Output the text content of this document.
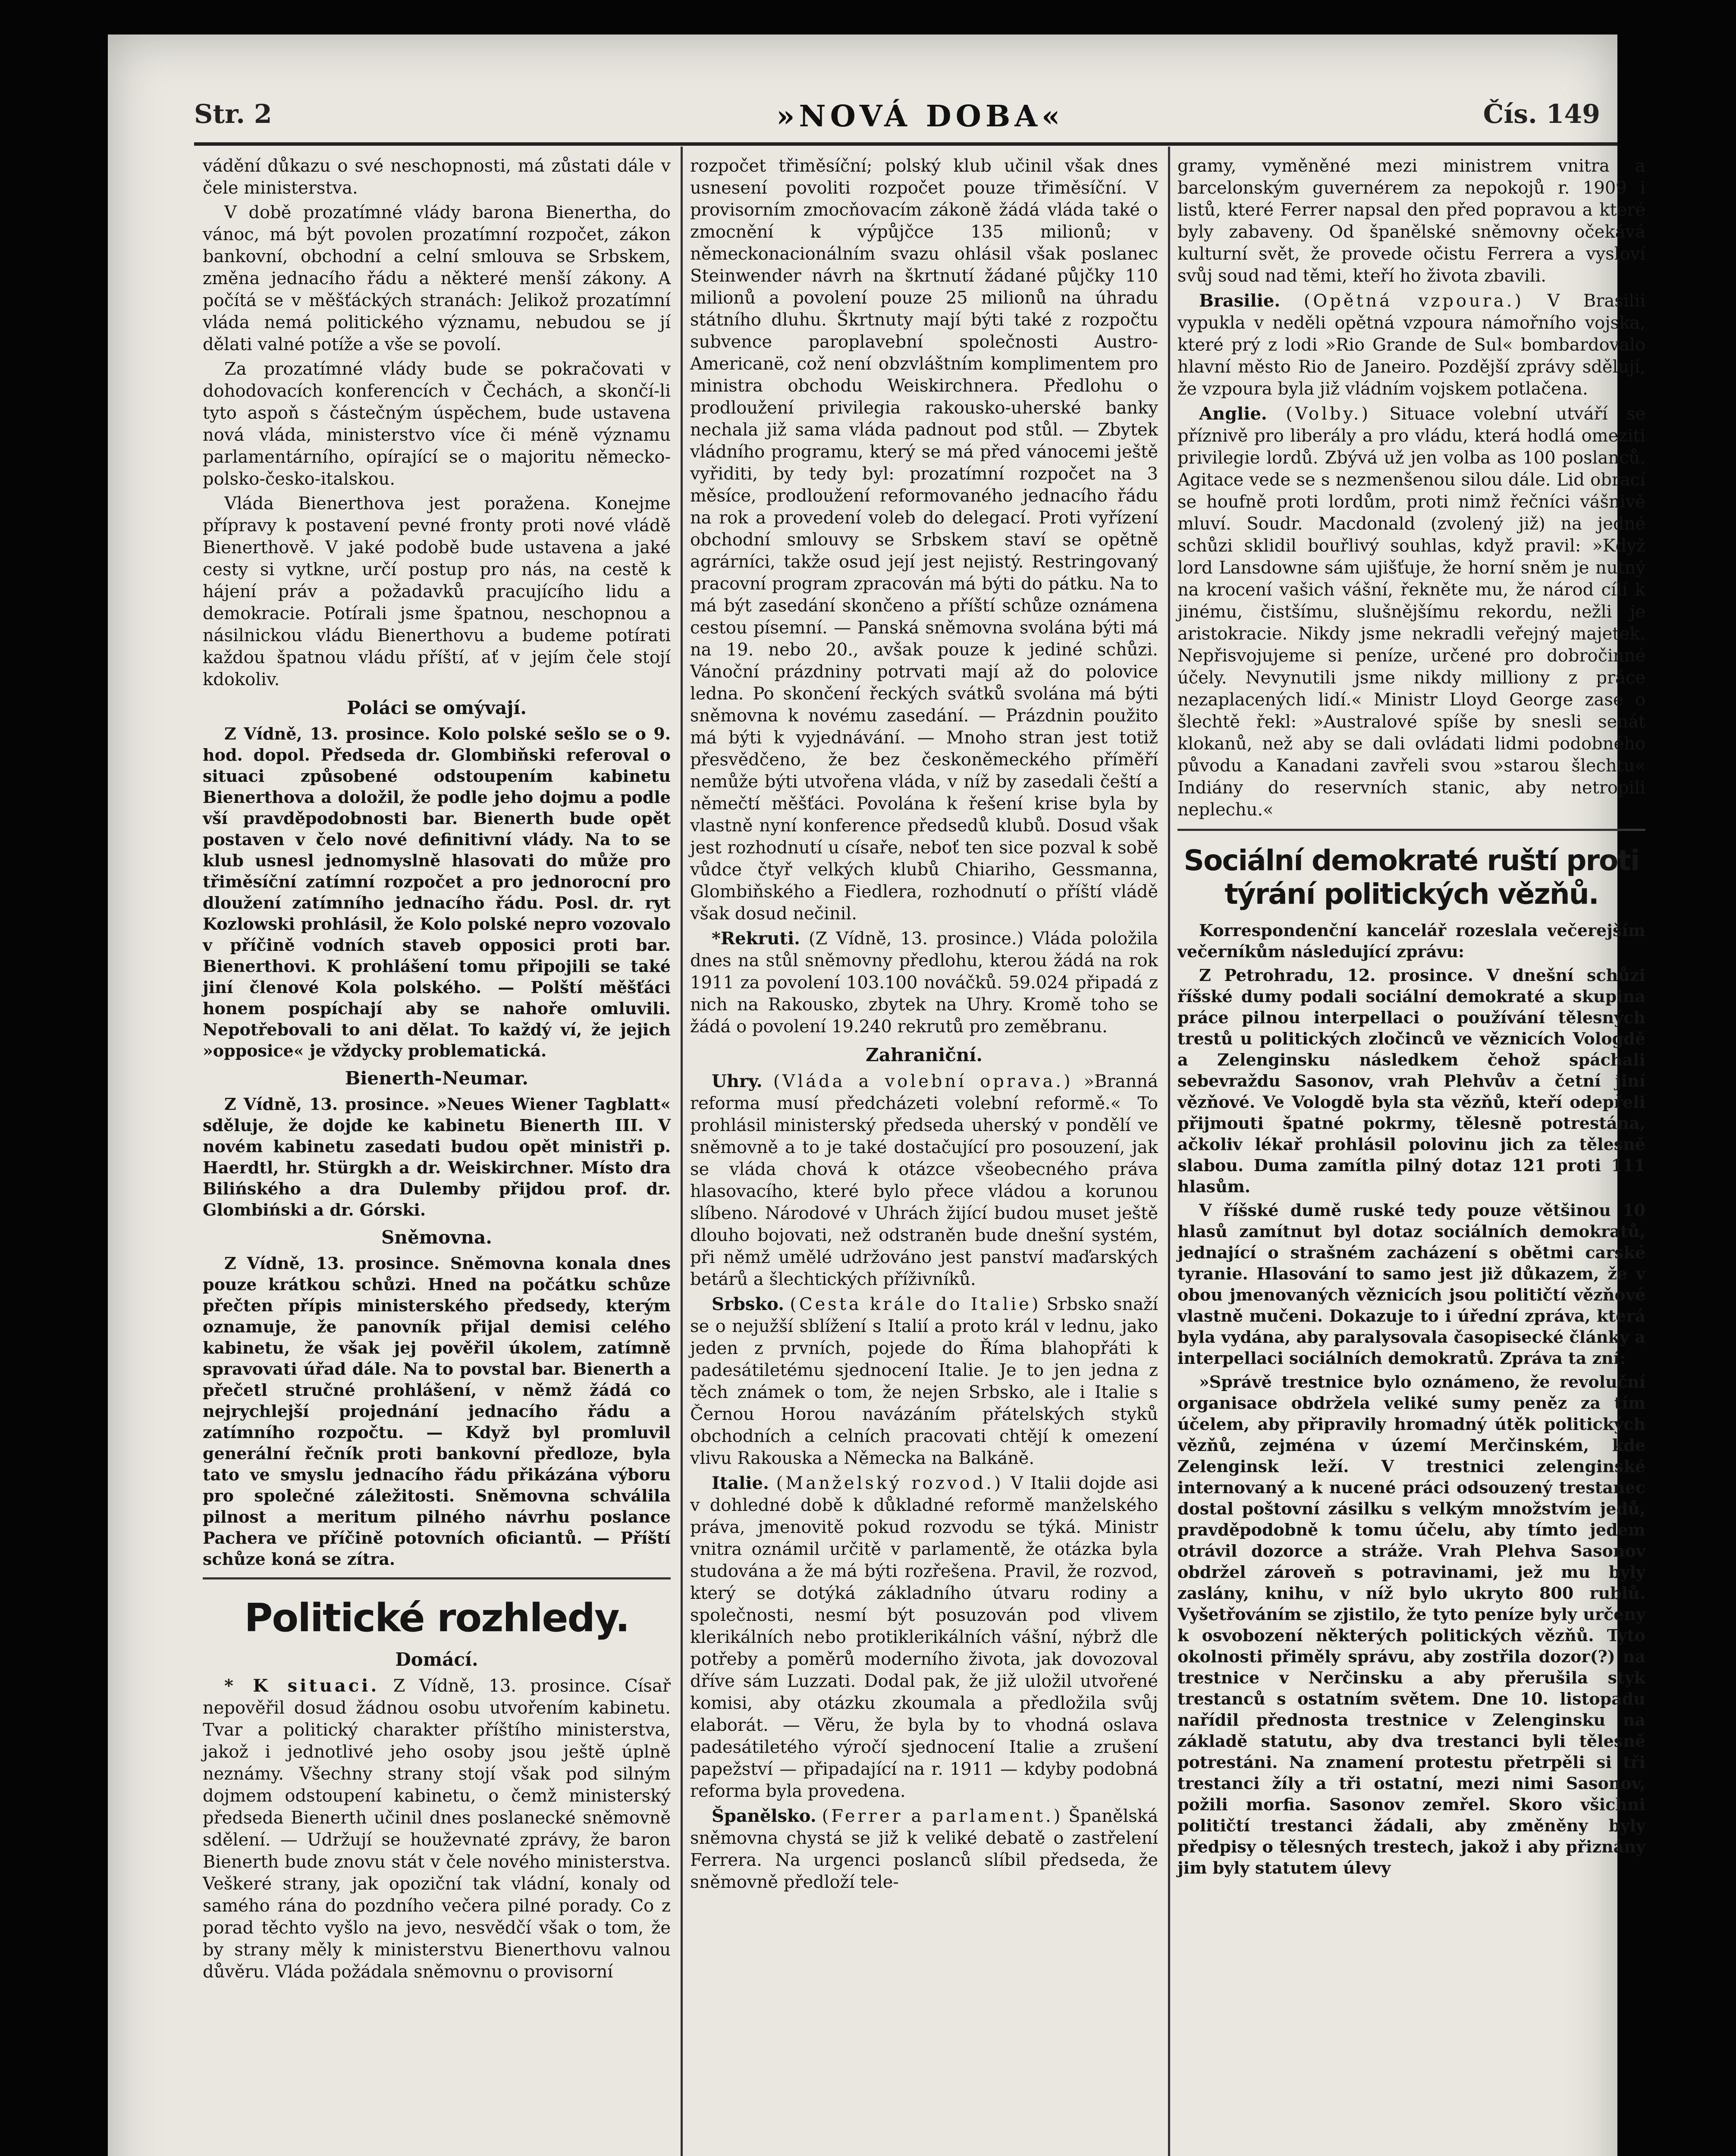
Str. 2	»NOVÁ DOBA«	Čís. 149

vádění důkazu o své neschopnosti, má zůstati dále v čele ministerstva.

V době prozatímné vlády barona Bienertha, do vánoc, má být povolen prozatímní rozpočet, zákon bankovní, obchodní a celní smlouva se Srbskem, změna jednacího řádu a některé menší zákony. A počítá se v měšťáckých stranách: Jelikož prozatímní vláda nemá politického významu, nebudou se jí dělati valné potíže a vše se povolí.

Za prozatímné vlády bude se pokračovati v dohodovacích konferencích v Čechách, a skončí-li tyto aspoň s částečným úspěchem, bude ustavena nová vláda, ministerstvo více či méně významu parlamentárního, opírající se o majoritu německo-polsko-česko-italskou.

Vláda Bienerthova jest poražena. Konejme přípravy k postavení pevné fronty proti nové vládě Bienerthově. V jaké podobě bude ustavena a jaké cesty si vytkne, určí postup pro nás, na cestě k hájení práv a požadavků pracujícího lidu a demokracie. Potírali jsme špatnou, neschopnou a násilnickou vládu Bienerthovu a budeme potírati každou špatnou vládu příští, ať v jejím čele stojí kdokoliv.

Poláci se omývají.

Z Vídně, 13. prosince. Kolo polské sešlo se o 9. hod. dopol. Předseda dr. Glombiňski referoval o situaci způsobené odstoupením kabinetu Bienerthova a doložil, že podle jeho dojmu a podle vší pravděpodobnosti bar. Bienerth bude opět postaven v čelo nové definitivní vlády. Na to se klub usnesl jednomyslně hlasovati do může pro třiměsíční zatímní rozpočet a pro jednorocní pro dloužení zatímního jednacího řádu. Posl. dr. ryt Kozlowski prohlásil, že Kolo polské nepro vozovalo v příčině vodních staveb opposici proti bar. Bienerthovi. K prohlášení tomu připojili se také jiní členové Kola polského. — Polští měšťáci honem pospíchají aby se nahoře omluvili. Nepotřebovali to ani dělat. To každý ví, že jejich »opposice« je vždycky problematická.

Bienerth-Neumar.

Z Vídně, 13. prosince. »Neues Wiener Tagblatt« sděluje, že dojde ke kabinetu Bienerth III. V novém kabinetu zasedati budou opět ministři p. Haerdtl, hr. Stürgkh a dr. Weiskirchner. Místo dra Bilińského a dra Dulemby přijdou prof. dr. Glombiński a dr. Górski.

Sněmovna.

Z Vídně, 13. prosince. Sněmovna konala dnes pouze krátkou schůzi. Hned na počátku schůze přečten přípis ministerského předsedy, kterým oznamuje, že panovník přijal demisi celého kabinetu, že však jej pověřil úkolem, zatímně spravovati úřad dále. Na to povstal bar. Bienerth a přečetl stručné prohlášení, v němž žádá co nejrychlejší projednání jednacího řádu a zatímního rozpočtu. — Když byl promluvil generální řečník proti bankovní předloze, byla tato ve smyslu jednacího řádu přikázána výboru pro společné záležitosti. Sněmovna schválila pilnost a meritum pilného návrhu poslance Pachera ve příčině potovních oficiantů. — Příští schůze koná se zítra.

Politické rozhledy.
Domácí.

* K situaci. Z Vídně, 13. prosince. Císař nepověřil dosud žádnou osobu utvořením kabinetu. Tvar a politický charakter příštího ministerstva, jakož i jednotlivé jeho osoby jsou ještě úplně neznámy. Všechny strany stojí však pod silným dojmem odstoupení kabinetu, o čemž ministerský předseda Bienerth učinil dnes poslanecké sněmovně sdělení. — Udržují se houževnaté zprávy, že baron Bienerth bude znovu stát v čele nového ministerstva. Veškeré strany, jak opoziční tak vládní, konaly od samého rána do pozdního večera pilné porady. Co z porad těchto vyšlo na jevo, nesvědčí však o tom, že by strany měly k ministerstvu Bienerthovu valnou důvěru. Vláda požádala sněmovnu o provisorní

rozpočet třiměsíční; polský klub učinil však dnes usnesení povoliti rozpočet pouze třiměsíční. V provisorním zmocňovacím zákoně žádá vláda také o zmocnění k výpůjčce 135 milionů; v německonacionálním svazu ohlásil však poslanec Steinwender návrh na škrtnutí žádané půjčky 110 milionů a povolení pouze 25 milionů na úhradu státního dluhu. Škrtnuty mají býti také z rozpočtu subvence paroplavební společnosti Austro-Americanë, což není obzvláštním komplimentem pro ministra obchodu Weiskirchnera. Předlohu o prodloužení privilegia rakousko-uherské banky nechala již sama vláda padnout pod stůl. — Zbytek vládního programu, který se má před vánocemi ještě vyřiditi, by tedy byl: prozatímní rozpočet na 3 měsíce, prodloužení reformovaného jednacího řádu na rok a provedení voleb do delegací. Proti vyřízení obchodní smlouvy se Srbskem staví se opětně agrárníci, takže osud její jest nejistý. Restringovaný pracovní program zpracován má býti do pátku. Na to má být zasedání skončeno a příští schůze oznámena cestou písemní. — Panská sněmovna svolána býti má na 19. nebo 20., avšak pouze k jediné schůzi. Vánoční prázdniny potrvati mají až do polovice ledna. Po skončení řeckých svátků svolána má býti sněmovna k novému zasedání. — Prázdnin použito má býti k vyjednávání. — Mnoho stran jest totiž přesvědčeno, že bez českoněmeckého příměří nemůže býti utvořena vláda, v níž by zasedali čeští a němečtí měšťáci. Povolána k řešení krise byla by vlastně nyní konference předsedů klubů. Dosud však jest rozhodnutí u císaře, neboť ten sice pozval k sobě vůdce čtyř velkých klubů Chiariho, Gessmanna, Glombiňského a Fiedlera, rozhodnutí o příští vládě však dosud nečinil.

*Rekruti. (Z Vídně, 13. prosince.) Vláda položila dnes na stůl sněmovny předlohu, kterou žádá na rok 1911 za povolení 103.100 nováčků. 59.024 připadá z nich na Rakousko, zbytek na Uhry. Kromě toho se žádá o povolení 19.240 rekrutů pro zeměbranu.

Zahraniční.

Uhry. (Vláda a volební oprava.) »Branná reforma musí předcházeti volební reformě.« To prohlásil ministerský předseda uherský v pondělí ve sněmovně a to je také dostačující pro posouzení, jak se vláda chová k otázce všeobecného práva hlasovacího, které bylo přece vládou a korunou slíbeno. Národové v Uhrách žijící budou muset ještě dlouho bojovati, než odstraněn bude dnešní systém, při němž umělé udržováno jest panství maďarských betárů a šlechtických příživníků.

Srbsko. (Cesta krále do Italie) Srbsko snaží se o nejužší sblížení s Italií a proto král v lednu, jako jeden z prvních, pojede do Říma blahopřáti k padesátiletému sjednocení Italie. Je to jen jedna z těch známek o tom, že nejen Srbsko, ale i Italie s Černou Horou navázáním přátelských styků obchodních a celních pracovati chtějí k omezení vlivu Rakouska a Německa na Balkáně.

Italie. (Manželský rozvod.) V Italii dojde asi v dohledné době k důkladné reformě manželského práva, jmenovitě pokud rozvodu se týká. Ministr vnitra oznámil určitě v parlamentě, že otázka byla studována a že má býti rozřešena. Pravil, že rozvod, který se dotýká základního útvaru rodiny a společnosti, nesmí být posuzován pod vlivem klerikálních nebo protiklerikálních vášní, nýbrž dle potřeby a poměrů moderního života, jak dovozoval dříve sám Luzzati. Dodal pak, že již uložil utvořené komisi, aby otázku zkoumala a předložila svůj elaborát. — Věru, že byla by to vhodná oslava padesátiletého výročí sjednocení Italie a zrušení papežství — připadající na r. 1911 — kdyby podobná reforma byla provedena.

Španělsko. (Ferrer a parlament.) Španělská sněmovna chystá se již k veliké debatě o zastřelení Ferrera. Na urgenci poslanců slíbil předseda, že sněmovně předloží tele-

gramy, vyměněné mezi ministrem vnitra a barcelonským guvernérem za nepokojů r. 1909 i listů, které Ferrer napsal den před popravou a které byly zabaveny. Od španělské sněmovny očekává kulturní svět, že provede očistu Ferrera a vysloví svůj soud nad těmi, kteří ho života zbavili.

Brasilie. (Opětná vzpoura.) V Brasilii vypukla v neděli opětná vzpoura námořního vojska, které prý z lodi »Rio Grande de Sul« bombardovalo hlavní město Rio de Janeiro. Pozdější zprávy sdělují, že vzpoura byla již vládním vojskem potlačena.

Anglie. (Volby.) Situace volební utváří se příznivě pro liberály a pro vládu, která hodlá omeziti privilegie lordů. Zbývá už jen volba as 100 poslanců. Agitace vede se s nezmenšenou silou dále. Lid obrací se houfně proti lordům, proti nimž řečníci vášnivě mluví. Soudr. Macdonald (zvolený již) na jedné schůzi sklidil bouřlivý souhlas, když pravil: »Když lord Lansdowne sám ujišťuje, že horní sněm je nutný na krocení vašich vášní, řekněte mu, že národ cílí k jinému, čistšímu, slušnějšímu rekordu, nežli je aristokracie. Nikdy jsme nekradli veřejný majetek. Nepřisvojujeme si peníze, určené pro dobročinné účely. Nevynutili jsme nikdy milliony z práce nezaplacených lidí.« Ministr Lloyd George zase o šlechtě řekl: »Australové spíše by snesli senát klokanů, než aby se dali ovládati lidmi podobného původu a Kanadani zavřeli svou »starou šlechtu« Indiány do reservních stanic, aby netropili neplechu.«

Sociální demokraté ruští proti týrání politických vězňů.

Korrespondenční kancelář rozeslala večerejším večerníkům následující zprávu:

Z Petrohradu, 12. prosince. V dnešní schůzi říšské dumy podali sociální demokraté a skupina práce pilnou interpellaci o používání tělesných trestů u politických zločinců ve věznicích Vologdě a Zelenginsku následkem čehož spáchali sebevraždu Sasonov, vrah Plehvův a četní jiní vězňové. Ve Vologdě byla sta vězňů, kteří odepřeli přijmouti špatné pokrmy, tělesně potrestána, ačkoliv lékař prohlásil polovinu jich za tělesně slabou. Duma zamítla pilný dotaz 121 proti 111 hlasům.

V říšské dumě ruské tedy pouze většinou 10 hlasů zamítnut byl dotaz sociálních demokratů, jednající o strašném zacházení s obětmi carské tyranie. Hlasování to samo jest již důkazem, že v obou jmenovaných věznicích jsou političtí vězňové vlastně mučeni. Dokazuje to i úřední zpráva, která byla vydána, aby paralysovala časopisecké články a interpellaci sociálních demokratů. Zpráva ta zní:

»Správě trestnice bylo oznámeno, že revoluční organisace obdržela veliké sumy peněz za tím účelem, aby připravily hromadný útěk politických vězňů, zejména v území Merčinském, kde Zelenginsk leží. V trestnici zelenginské internovaný a k nucené práci odsouzený trestanec dostal poštovní zásilku s velkým množstvím jedů, pravděpodobně k tomu účelu, aby tímto jedem otrávil dozorce a stráže. Vrah Plehva Sasonov obdržel zároveň s potravinami, jež mu byly zaslány, knihu, v níž bylo ukryto 800 rublů. Vyšetřováním se zjistilo, že tyto peníze byly určeny k osvobození některých politických vězňů. Tyto okolnosti přiměly správu, aby zostřila dozor(?) na trestnice v Nerčinsku a aby přerušila styk trestanců s ostatním světem. Dne 10. listopadu nařídil přednosta trestnice v Zelenginsku na základě statutu, aby dva trestanci byli tělesně potrestáni. Na znamení protestu přetrpěli si tři trestanci žíly a tři ostatní, mezi nimi Sasonov, požili morfia. Sasonov zemřel. Skoro všichni političtí trestanci žádali, aby změněny byly předpisy o tělesných trestech, jakož i aby přiznány jim byly statutem úlevy
